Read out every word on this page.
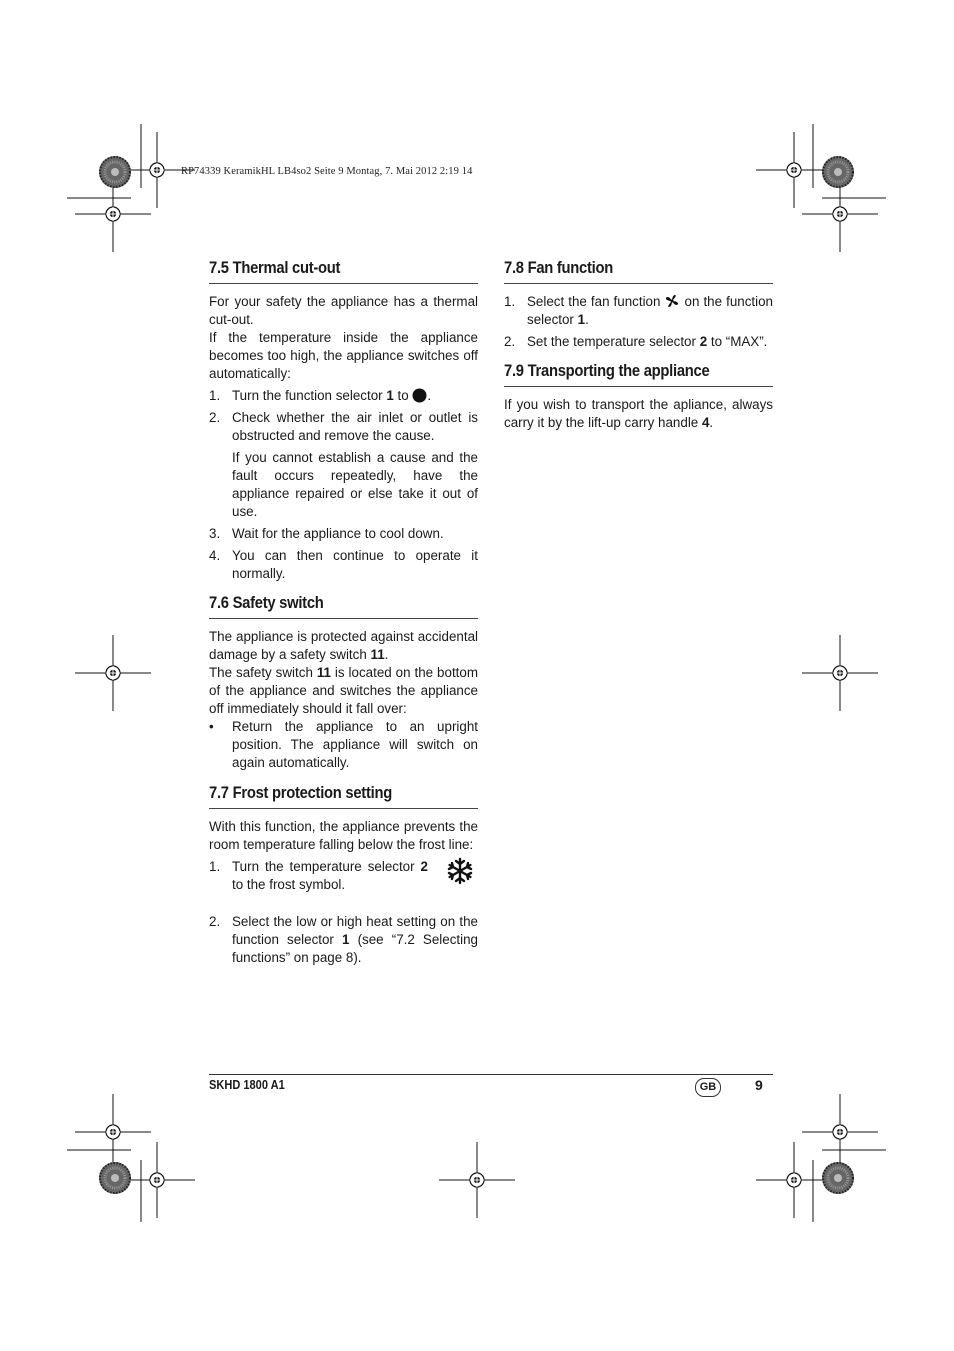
RP74339 KeramikHL LB4so2 Seite 9 Montag, 7. Mai 2012 2:19 14
7.5 Thermal cut-out

For your safety the appliance has a thermal cut-out.

If the temperature inside the appliance becomes too high, the appliance switches off automatically:

1. Turn the function selector 1 to .
2. Check whether the air inlet or outlet is obstructed and remove the cause.
If you cannot establish a cause and the fault occurs repeatedly, have the appliance repaired or else take it out of use.
3. Wait for the appliance to cool down.
4. You can then continue to operate it normally.
7.6 Safety switch

The appliance is protected against accidental damage by a safety switch 11.

The safety switch 11 is located on the bottom of the appliance and switches the appliance off immediately should it fall over:

• Return the appliance to an upright position. The appliance will switch on again automatically.
7.7 Frost protection setting

With this function, the appliance prevents the room temperature falling below the frost line:

1. Turn the temperature selector 2 to the frost symbol.
2. Select the low or high heat setting on the function selector 1 (see “7.2 Selecting functions” on page 8).
7.8 Fan function
1. Select the fan function  on the function selector 1.
2. Set the temperature selector 2 to “MAX”.
7.9 Transporting the appliance

If you wish to transport the apliance, always carry it by the lift-up carry handle 4.

SKHD 1800 A1	GB	9
